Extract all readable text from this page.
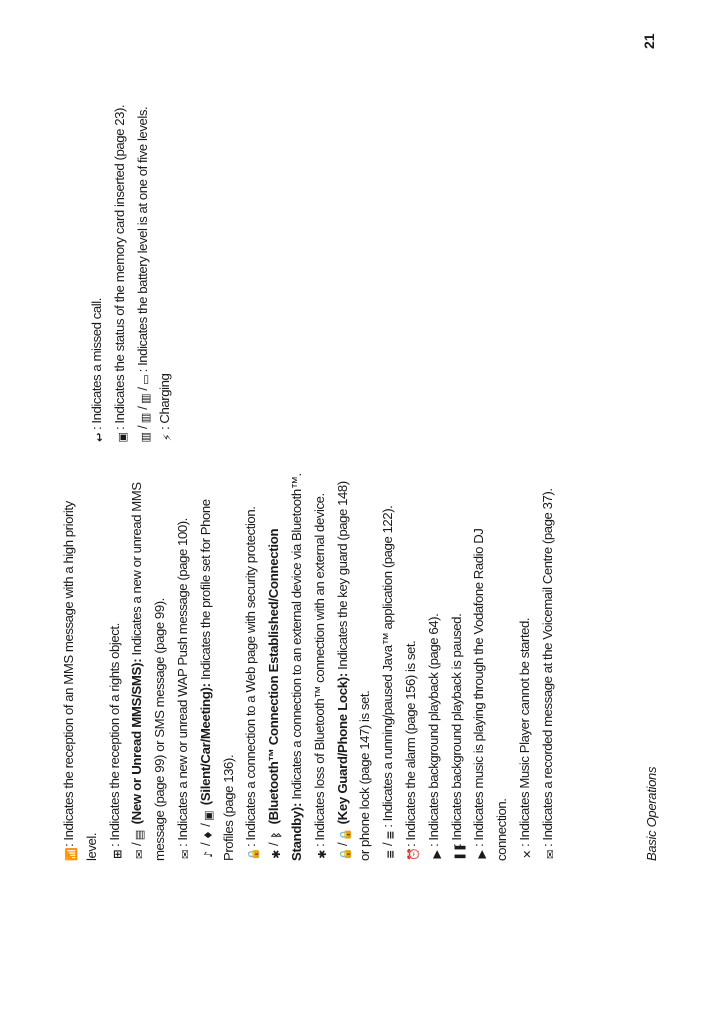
📶: Indicates the reception of an MMS message with a high priority level.	⊞: Indicates the reception of a rights object.

✉/▤ (New or Unread MMS/SMS): Indicates a new or unread MMS message (page 99) or SMS message (page 99).	✉: Indicates a new or unread WAP Push message (page 100).

♪/♦/▣ (Silent/Car/Meeting): Indicates the profile set for Phone Profiles (page 136).	🔒: Indicates a connection to a Web page with security protection.

✱/ᛒ (Bluetooth™ Connection Established/Connection Standby): Indicates a connection to an external device via Bluetooth™.

✱: Indicates loss of Bluetooth™ connection with an external device.

🔒/🔒 (Key Guard/Phone Lock): Indicates the key guard (page 148) or phone lock (page 147) is set.	≡/≡: Indicates a running/paused Java™ application (page 122).

⏰: Indicates the alarm (page 156) is set.

▶: Indicates background playback (page 64).

❚❚: Indicates background playback is paused.

▶: Indicates music is playing through the Vodafone Radio DJ connection.	✕: Indicates Music Player cannot be started.

✉: Indicates a recorded message at the Voicemail Centre (page 37).

↩: Indicates a missed call.

▣: Indicates the status of the memory card inserted (page 23).

▥/▥/▥/▭: Indicates the battery level is at one of five levels.

⚡: Charging

Basic Operations
21
